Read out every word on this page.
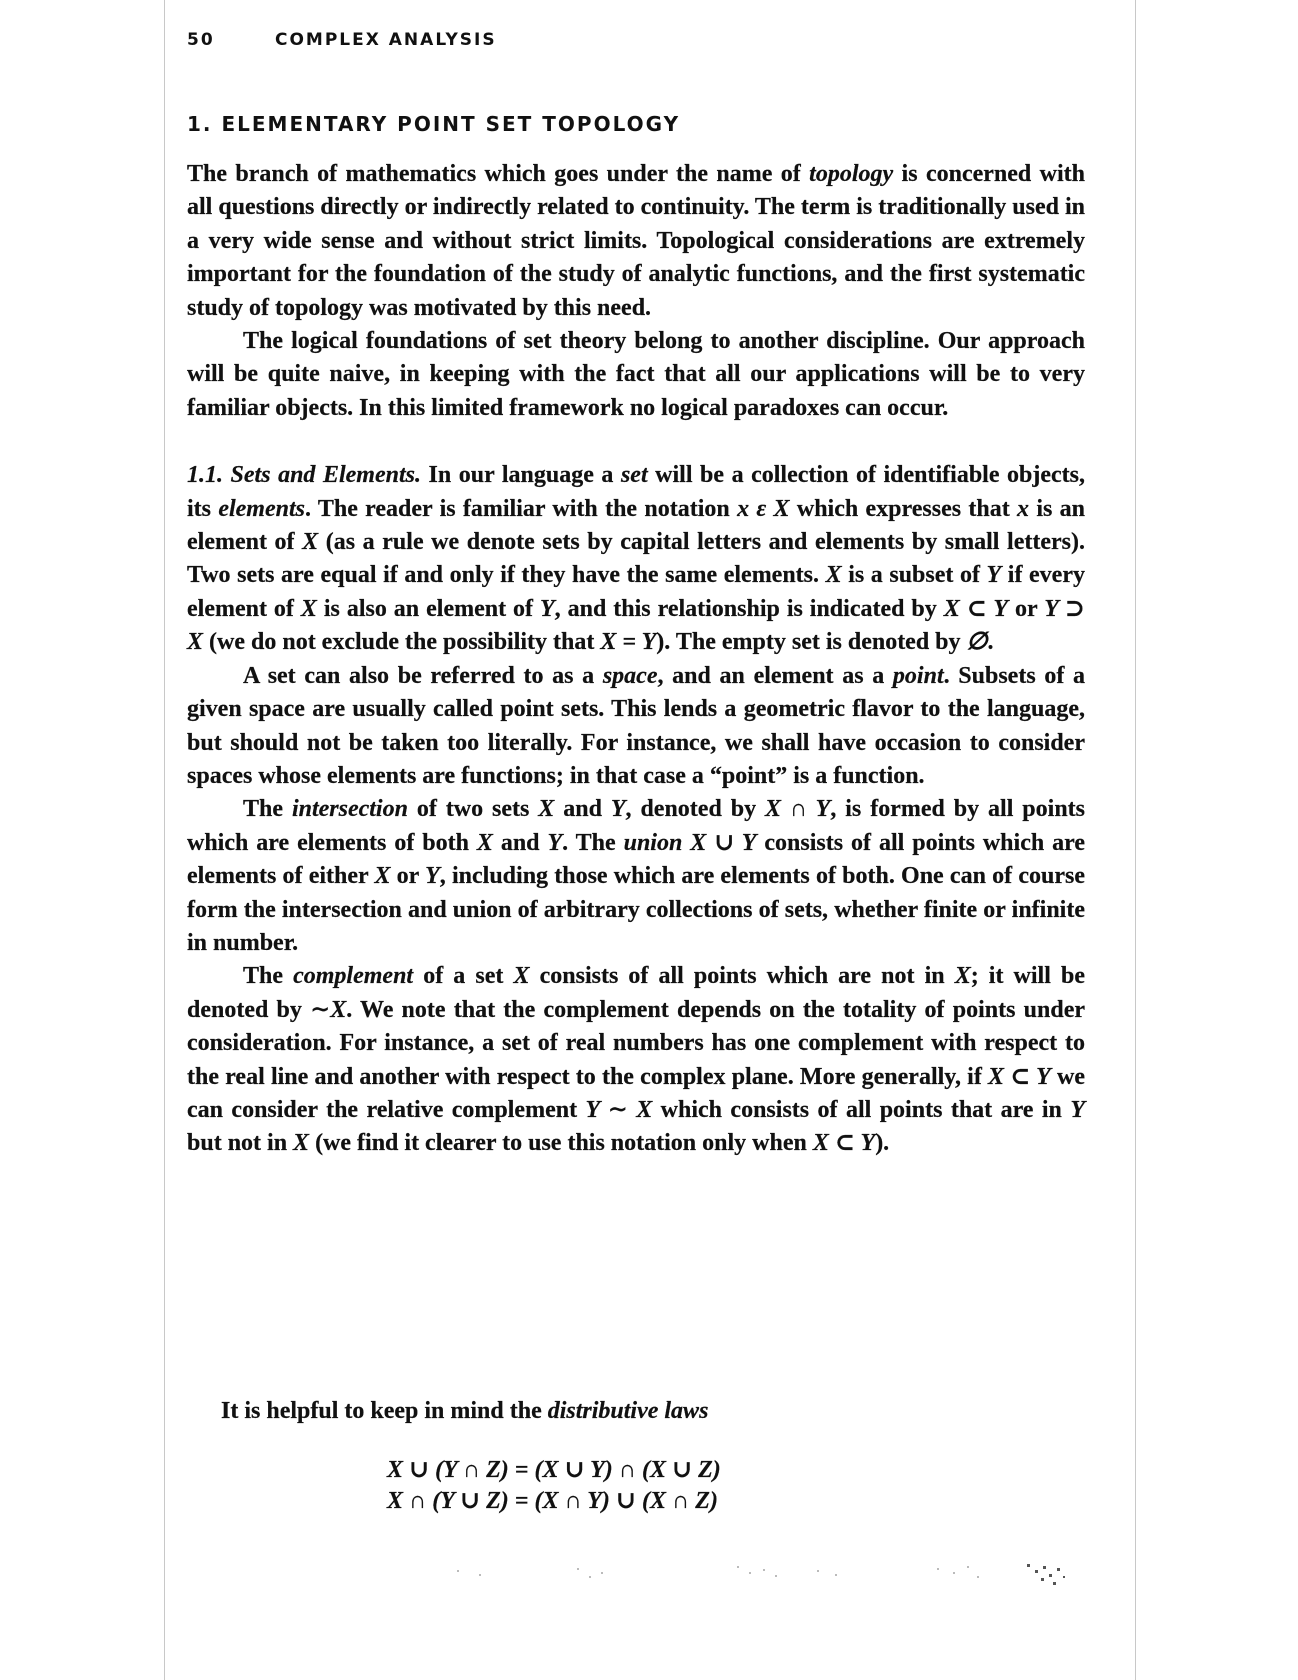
50	COMPLEX ANALYSIS
1. ELEMENTARY POINT SET TOPOLOGY

The branch of mathematics which goes under the name of topology is concerned with all questions directly or indirectly related to continuity. The term is traditionally used in a very wide sense and without strict limits. Topological considerations are extremely important for the foundation of the study of analytic functions, and the first systematic study of topology was motivated by this need.

The logical foundations of set theory belong to another discipline. Our approach will be quite naive, in keeping with the fact that all our applications will be to very familiar objects. In this limited framework no logical paradoxes can occur.

1.1. Sets and Elements. In our language a set will be a collection of identifiable objects, its elements. The reader is familiar with the notation x ε X which expresses that x is an element of X (as a rule we denote sets by capital letters and elements by small letters). Two sets are equal if and only if they have the same elements. X is a subset of Y if every element of X is also an element of Y, and this relationship is indicated by X ⊂ Y or Y ⊃ X (we do not exclude the possibility that X = Y). The empty set is denoted by ∅.

A set can also be referred to as a space, and an element as a point. Subsets of a given space are usually called point sets. This lends a geometric flavor to the language, but should not be taken too literally. For instance, we shall have occasion to consider spaces whose elements are functions; in that case a “point” is a function.

The intersection of two sets X and Y, denoted by X ∩ Y, is formed by all points which are elements of both X and Y. The union X ∪ Y consists of all points which are elements of either X or Y, including those which are elements of both. One can of course form the intersection and union of arbitrary collections of sets, whether finite or infinite in number.

The complement of a set X consists of all points which are not in X; it will be denoted by ∼X. We note that the complement depends on the totality of points under consideration. For instance, a set of real numbers has one complement with respect to the real line and another with respect to the complex plane. More generally, if X ⊂ Y we can consider the relative complement Y ∼ X which consists of all points that are in Y but not in X (we find it clearer to use this notation only when X ⊂ Y).

It is helpful to keep in mind the distributive laws
X ∪ (Y ∩ Z) = (X ∪ Y) ∩ (X ∪ Z)
X ∩ (Y ∪ Z) = (X ∩ Y) ∪ (X ∩ Z)
